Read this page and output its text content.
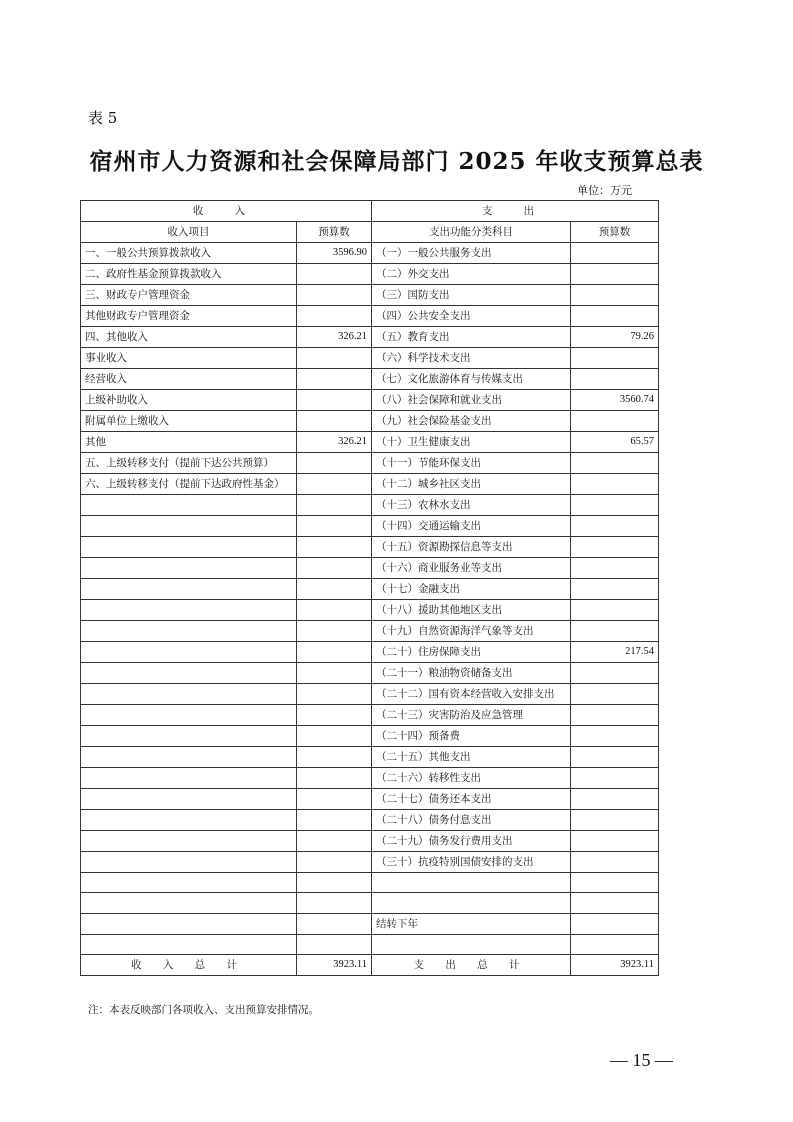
表 5
宿州市人力资源和社会保障局部门 2025 年收支预算总表
单位：万元
收 入		支 出	
收入项目	预算数	支出功能分类科目	预算数
一、一般公共预算拨款收入	3596.90	（一）一般公共服务支出	
二、政府性基金预算拨款收入		（二）外交支出	
三、财政专户管理资金		（三）国防支出	
其他财政专户管理资金		（四）公共安全支出	
四、其他收入	326.21	（五）教育支出	79.26
事业收入		（六）科学技术支出	
经营收入		（七）文化旅游体育与传媒支出	
上级补助收入		（八）社会保障和就业支出	3560.74
附属单位上缴收入		（九）社会保险基金支出	
其他	326.21	（十）卫生健康支出	65.57
五、上级转移支付（提前下达公共预算）		（十一）节能环保支出	
六、上级转移支付（提前下达政府性基金）		（十二）城乡社区支出	
		（十三）农林水支出	
		（十四）交通运输支出	
		（十五）资源勘探信息等支出	
		（十六）商业服务业等支出	
		（十七）金融支出	
		（十八）援助其他地区支出	
		（十九）自然资源海洋气象等支出	
		（二十）住房保障支出	217.54
		（二十一）粮油物资储备支出	
		（二十二）国有资本经营收入安排支出	
		（二十三）灾害防治及应急管理	
		（二十四）预备费	
		（二十五）其他支出	
		（二十六）转移性支出	
		（二十七）债务还本支出	
		（二十八）债务付息支出	
		（二十九）债务发行费用支出	
		（三十）抗疫特别国债安排的支出	

		结转下年	

收 入 总 计	3923.11	支 出 总 计	3923.11
注：本表反映部门各项收入、支出预算安排情况。
— 15 —
